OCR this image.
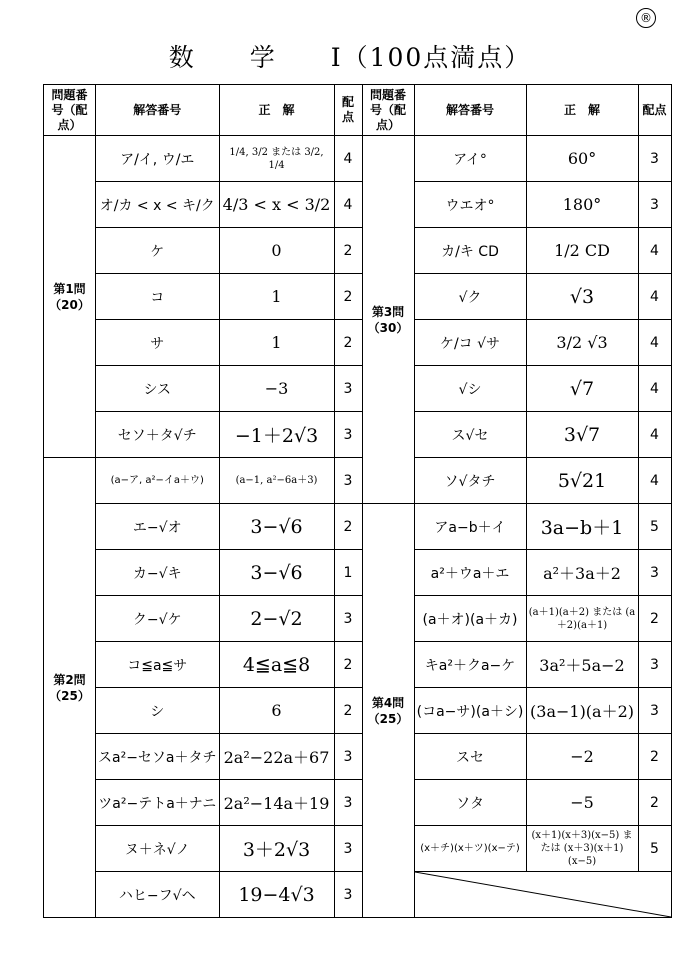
®
数　　学　　Ⅰ（100点満点）
問題番号（配点）	解答番号	正　解	配点	問題番号（配点）	解答番号	正　解	配点
第1問（20）	ア/イ, ウ/エ	1/4, 3/2 または 3/2, 1/4	4	第3問（30）	アイ°	60°	3
	オ/カ < x < キ/ク	4/3 < x < 3/2	4		ウエオ°	180°	3
	ケ	0	2		カ/キ CD	1/2 CD	4
	コ	1	2		√ク	√3	4
	サ	1	2		ケ/コ √サ	3/2 √3	4
	シス	−3	3		√シ	√7	4
	セソ＋タ√チ	−1＋2√3	3		ス√セ	3√7	4
第2問（25）	(a−ア, a²−イa＋ウ)	(a−1, a²−6a＋3)	3		ソ√タチ	5√21	4
	エ−√オ	3−√6	2	第4問（25）	アa−b＋イ	3a−b＋1	5
	カ−√キ	3−√6	1		a²＋ウa＋エ	a²＋3a＋2	3
	ク−√ケ	2−√2	3		(a＋オ)(a＋カ)	(a＋1)(a＋2) または (a＋2)(a＋1)	2
	コ≦a≦サ	4≦a≦8	2		キa²＋クa−ケ	3a²＋5a−2	3
	シ	6	2		(コa−サ)(a＋シ)	(3a−1)(a＋2)	3
	スa²−セソa＋タチ	2a²−22a＋67	3		スセ	−2	2
	ツa²−テトa＋ナニ	2a²−14a＋19	3		ソタ	−5	2
	ヌ＋ネ√ノ	3＋2√3	3		(x＋チ)(x＋ツ)(x−テ)	(x＋1)(x＋3)(x−5) または (x＋3)(x＋1)(x−5)	5
	ハヒ−フ√ヘ	19−4√3	3	
